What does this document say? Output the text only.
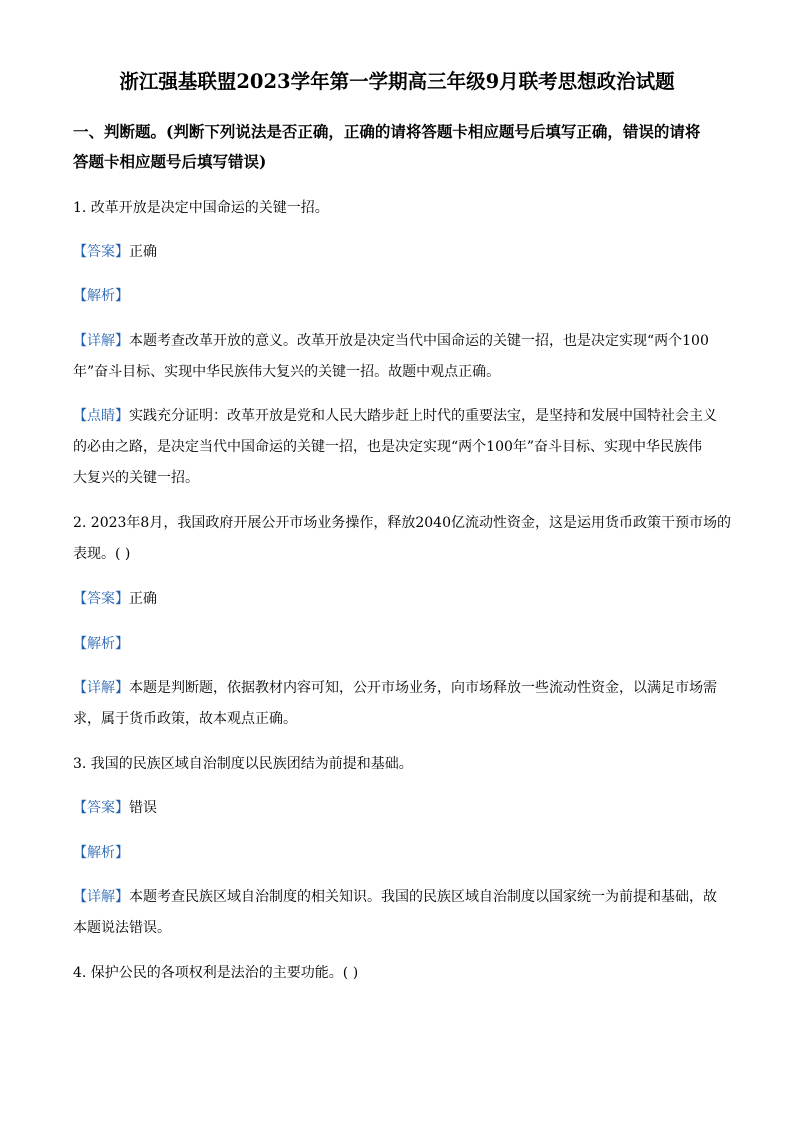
浙江强基联盟2023学年第一学期高三年级9月联考思想政治试题
一、判断题。(判断下列说法是否正确，正确的请将答题卡相应题号后填写正确，错误的请将
答题卡相应题号后填写错误)
1. 改革开放是决定中国命运的关键一招。
【答案】正确
【解析】
【详解】本题考查改革开放的意义。改革开放是决定当代中国命运的关键一招，也是决定实现“两个100
年”奋斗目标、实现中华民族伟大复兴的关键一招。故题中观点正确。
【点睛】实践充分证明：改革开放是党和人民大踏步赶上时代的重要法宝，是坚持和发展中国特社会主义
的必由之路，是决定当代中国命运的关键一招，也是决定实现“两个100年”奋斗目标、实现中华民族伟
大复兴的关键一招。
2. 2023年8月，我国政府开展公开市场业务操作，释放2040亿流动性资金，这是运用货币政策干预市场的
表现。( )
【答案】正确
【解析】
【详解】本题是判断题，依据教材内容可知，公开市场业务，向市场释放一些流动性资金，以满足市场需
求，属于货币政策，故本观点正确。
3. 我国的民族区域自治制度以民族团结为前提和基础。
【答案】错误
【解析】
【详解】本题考查民族区域自治制度的相关知识。我国的民族区域自治制度以国家统一为前提和基础，故
本题说法错误。
4. 保护公民的各项权利是法治的主要功能。( )
